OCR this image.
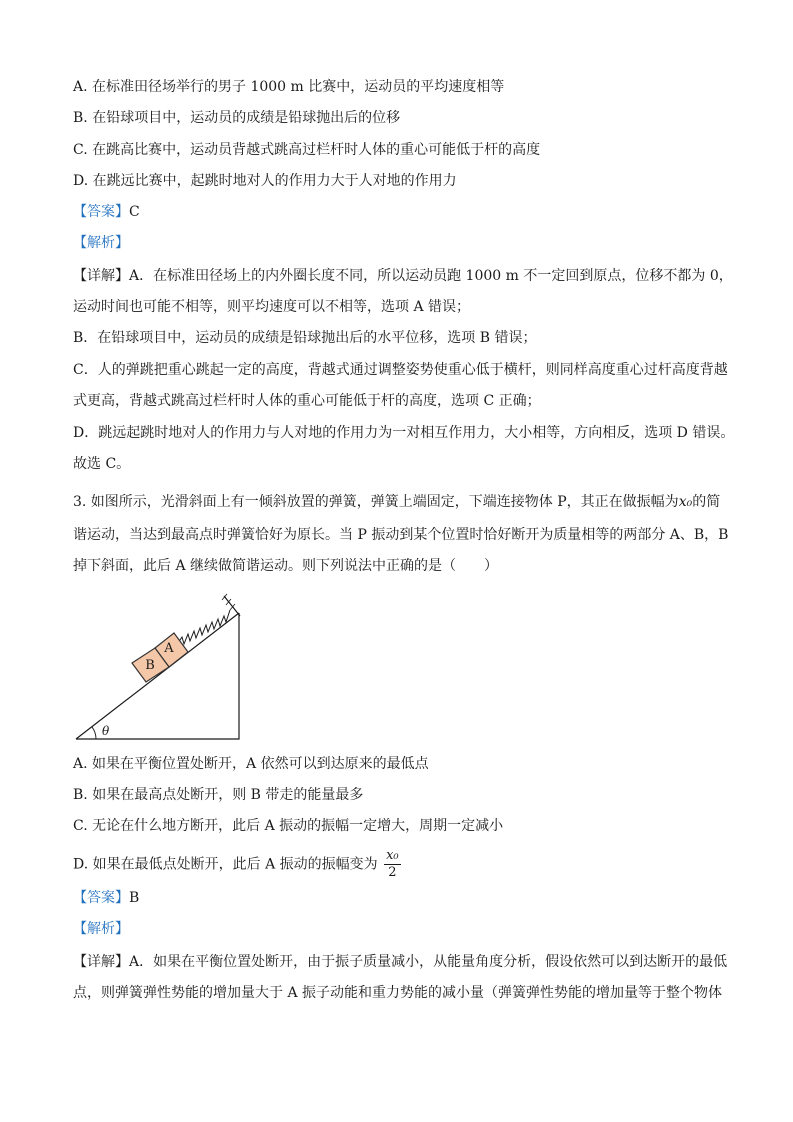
A. 在标准田径场举行的男子 1000 m 比赛中，运动员的平均速度相等
B. 在铅球项目中，运动员的成绩是铅球抛出后的位移
C. 在跳高比赛中，运动员背越式跳高过栏杆时人体的重心可能低于杆的高度
D. 在跳远比赛中，起跳时地对人的作用力大于人对地的作用力
【答案】C
【解析】
【详解】A．在标准田径场上的内外圈长度不同，所以运动员跑 1000 m 不一定回到原点，位移不都为 0，
运动时间也可能不相等，则平均速度可以不相等，选项 A 错误；
B．在铅球项目中，运动员的成绩是铅球抛出后的水平位移，选项 B 错误；
C．人的弹跳把重心跳起一定的高度，背越式通过调整姿势使重心低于横杆，则同样高度重心过杆高度背越
式更高，背越式跳高过栏杆时人体的重心可能低于杆的高度，选项 C 正确；
D．跳远起跳时地对人的作用力与人对地的作用力为一对相互作用力，大小相等，方向相反，选项 D 错误。
故选 C。
3. 如图所示，光滑斜面上有一倾斜放置的弹簧，弹簧上端固定，下端连接物体 P，其正在做振幅为x₀的简
谐运动，当达到最高点时弹簧恰好为原长。当 P 振动到某个位置时恰好断开为质量相等的两部分 A、B，B
掉下斜面，此后 A 继续做简谐运动。则下列说法中正确的是（　　）
A
B
θ
A. 如果在平衡位置处断开，A 依然可以到达原来的最低点
B. 如果在最高点处断开，则 B 带走的能量最多
C. 无论在什么地方断开，此后 A 振动的振幅一定增大，周期一定减小
D. 如果在最低点处断开，此后 A 振动的振幅变为 $\frac{\text{x₀}}{2}$
【答案】B
【解析】
【详解】A．如果在平衡位置处断开，由于振子质量减小，从能量角度分析，假设依然可以到达断开的最低
点，则弹簧弹性势能的增加量大于 A 振子动能和重力势能的减小量（弹簧弹性势能的增加量等于整个物体
